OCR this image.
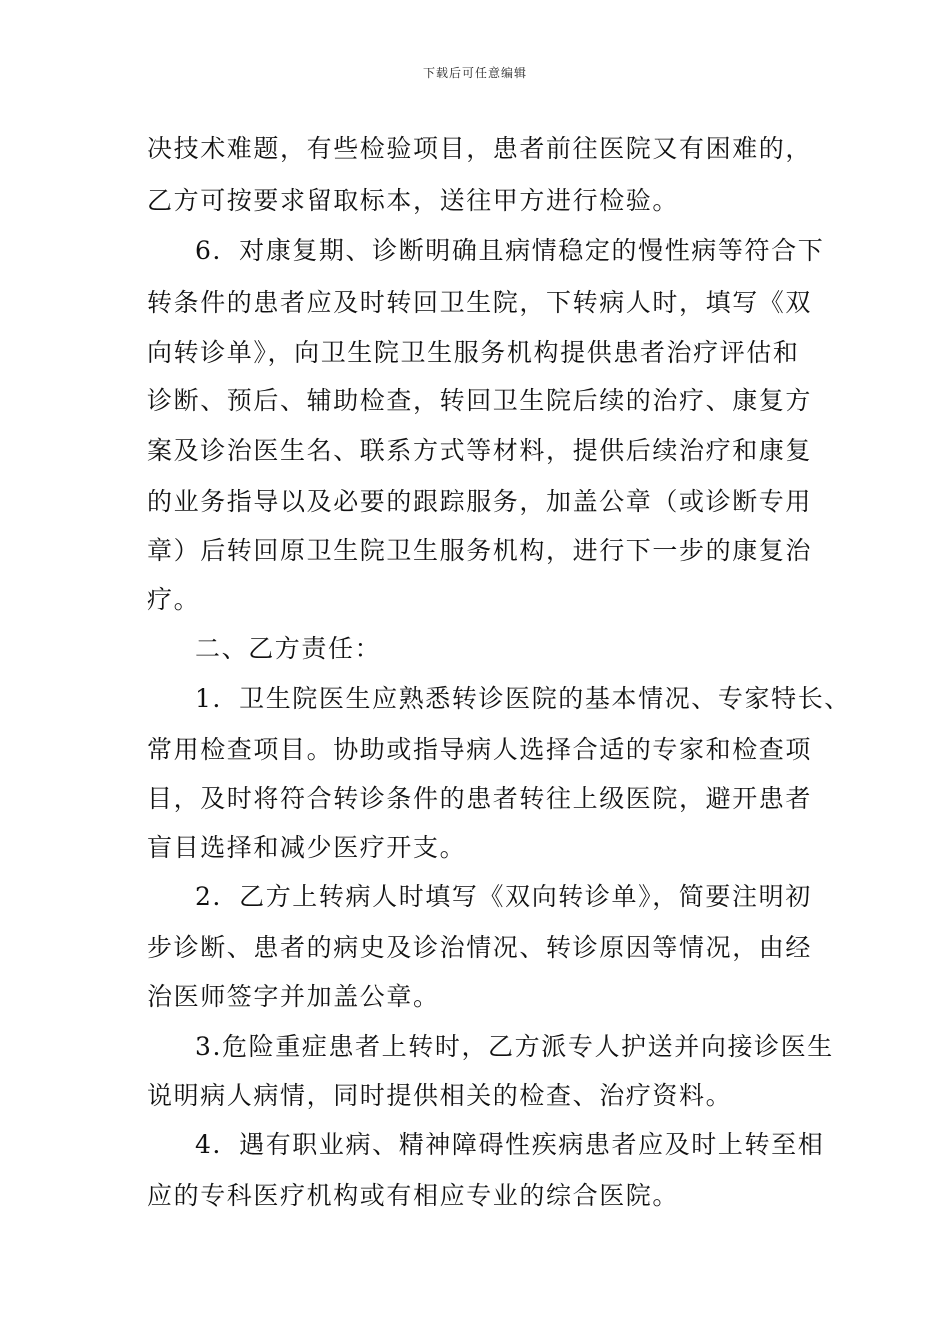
下载后可任意编辑
决技术难题，有些检验项目，患者前往医院又有困难的，
乙方可按要求留取标本，送往甲方进行检验。
6．对康复期、诊断明确且病情稳定的慢性病等符合下
转条件的患者应及时转回卫生院，下转病人时，填写《双
向转诊单》，向卫生院卫生服务机构提供患者治疗评估和
诊断、预后、辅助检查，转回卫生院后续的治疗、康复方
案及诊治医生名、联系方式等材料，提供后续治疗和康复
的业务指导以及必要的跟踪服务，加盖公章（或诊断专用
章）后转回原卫生院卫生服务机构，进行下一步的康复治
疗。
二、乙方责任：
1．卫生院医生应熟悉转诊医院的基本情况、专家特长、
常用检查项目。协助或指导病人选择合适的专家和检查项
目，及时将符合转诊条件的患者转往上级医院，避开患者
盲目选择和减少医疗开支。
2．乙方上转病人时填写《双向转诊单》，简要注明初
步诊断、患者的病史及诊治情况、转诊原因等情况，由经
治医师签字并加盖公章。
3.危险重症患者上转时，乙方派专人护送并向接诊医生
说明病人病情，同时提供相关的检查、治疗资料。
4．遇有职业病、精神障碍性疾病患者应及时上转至相
应的专科医疗机构或有相应专业的综合医院。
